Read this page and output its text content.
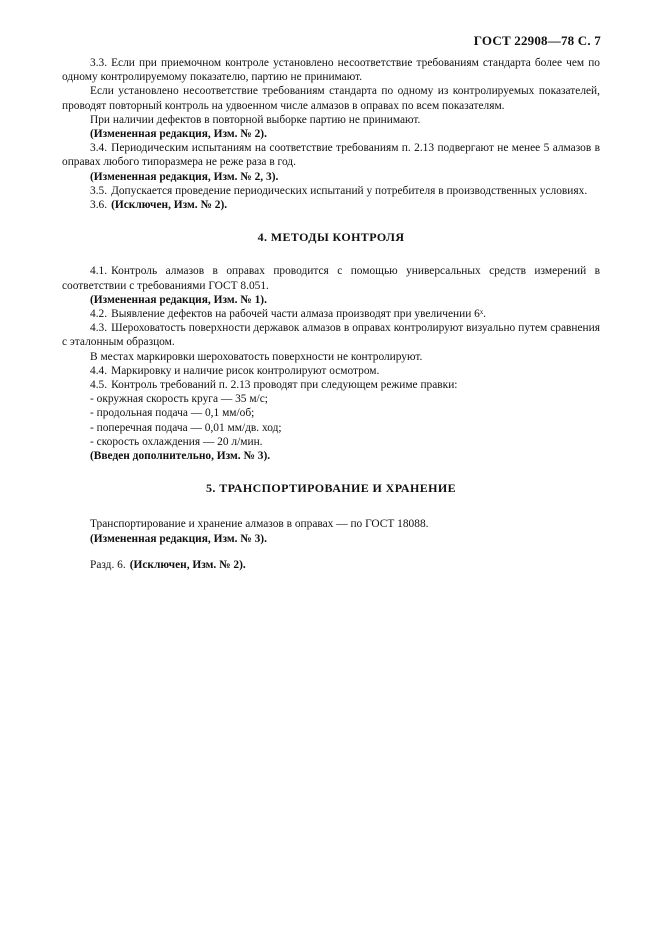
ГОСТ 22908—78 С. 7

3.3. Если при приемочном контроле установлено несоответствие требованиям стандарта более чем по одному контролируемому показателю, партию не принимают.

Если установлено несоответствие требованиям стандарта по одному из контролируемых показателей, проводят повторный контроль на удвоенном числе алмазов в оправах по всем показателям.

При наличии дефектов в повторной выборке партию не принимают.

(Измененная редакция, Изм. № 2).

3.4. Периодическим испытаниям на соответствие требованиям п. 2.13 подвергают не менее 5 алмазов в оправах любого типоразмера не реже раза в год.

(Измененная редакция, Изм. № 2, 3).

3.5. Допускается проведение периодических испытаний у потребителя в производственных условиях.

3.6. (Исключен, Изм. № 2).

4. МЕТОДЫ КОНТРОЛЯ

4.1. Контроль алмазов в оправах проводится с помощью универсальных средств измерений в соответствии с требованиями ГОСТ 8.051.

(Измененная редакция, Изм. № 1).

4.2. Выявление дефектов на рабочей части алмаза производят при увеличении 6ˣ.

4.3. Шероховатость поверхности державок алмазов в оправах контролируют визуально путем сравнения с эталонным образцом.

В местах маркировки шероховатость поверхности не контролируют.

4.4. Маркировку и наличие рисок контролируют осмотром.

4.5. Контроль требований п. 2.13 проводят при следующем режиме правки:

- окружная скорость круга — 35 м/с;

- продольная подача — 0,1 мм/об;

- поперечная подача — 0,01 мм/дв. ход;

- скорость охлаждения — 20 л/мин.

(Введен дополнительно, Изм. № 3).

5. ТРАНСПОРТИРОВАНИЕ И ХРАНЕНИЕ

Транспортирование и хранение алмазов в оправах — по ГОСТ 18088.

(Измененная редакция, Изм. № 3).

Разд. 6. (Исключен, Изм. № 2).
